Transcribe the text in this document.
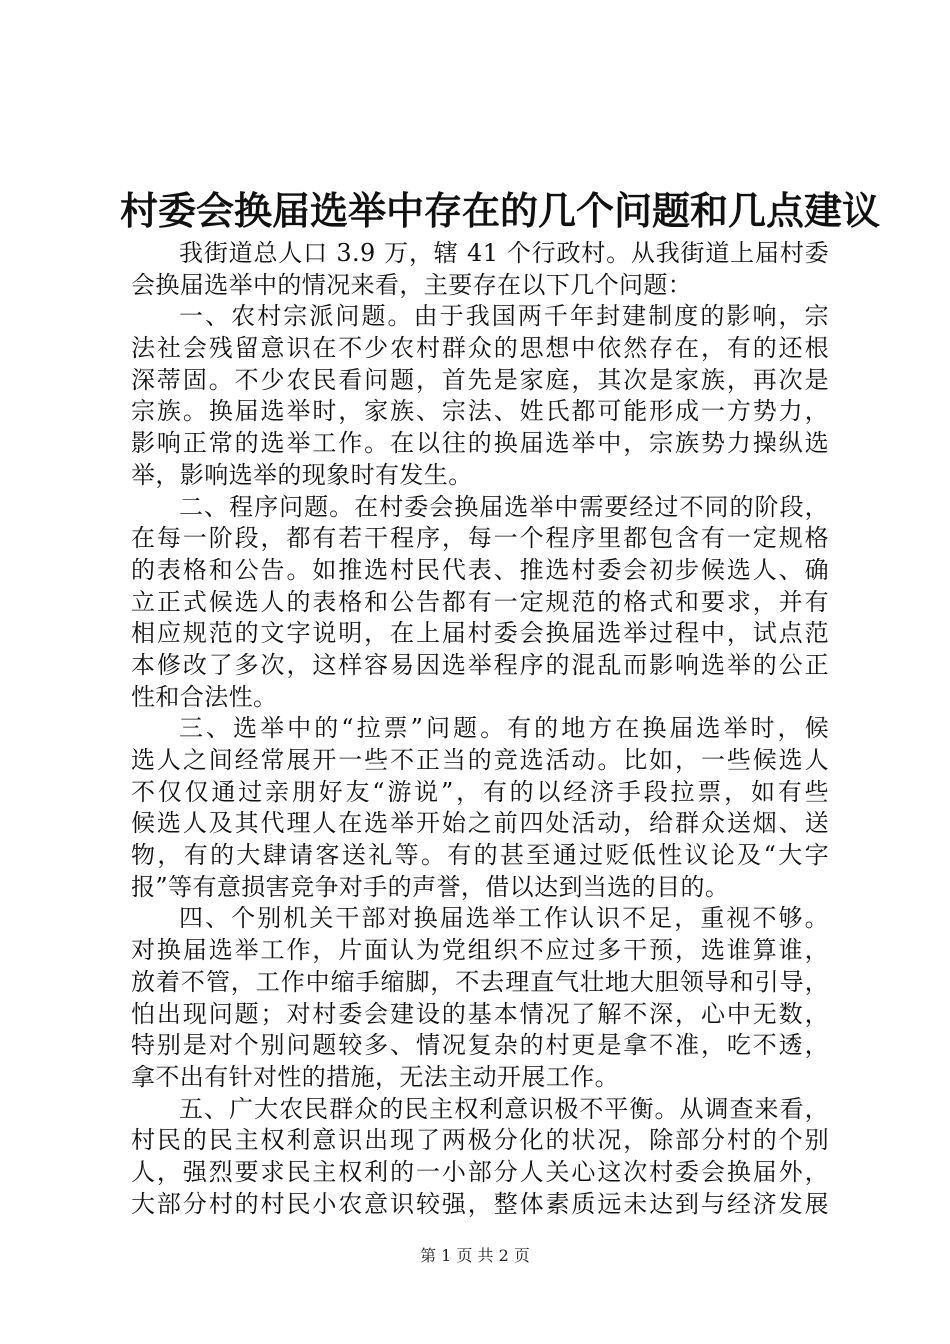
村委会换届选举中存在的几个问题和几点建议
我街道总人口 3.9 万，辖 41 个行政村。从我街道上届村委
会换届选举中的情况来看，主要存在以下几个问题：
一、农村宗派问题。由于我国两千年封建制度的影响，宗
法社会残留意识在不少农村群众的思想中依然存在，有的还根
深蒂固。不少农民看问题，首先是家庭，其次是家族，再次是
宗族。换届选举时，家族、宗法、姓氏都可能形成一方势力，
影响正常的选举工作。在以往的换届选举中，宗族势力操纵选
举，影响选举的现象时有发生。
二、程序问题。在村委会换届选举中需要经过不同的阶段，
在每一阶段，都有若干程序，每一个程序里都包含有一定规格
的表格和公告。如推选村民代表、推选村委会初步候选人、确
立正式候选人的表格和公告都有一定规范的格式和要求，并有
相应规范的文字说明，在上届村委会换届选举过程中，试点范
本修改了多次，这样容易因选举程序的混乱而影响选举的公正
性和合法性。
三、选举中的“拉票”问题。有的地方在换届选举时，候
选人之间经常展开一些不正当的竞选活动。比如，一些候选人
不仅仅通过亲朋好友“游说”，有的以经济手段拉票，如有些
候选人及其代理人在选举开始之前四处活动，给群众送烟、送
物，有的大肆请客送礼等。有的甚至通过贬低性议论及“大字
报”等有意损害竞争对手的声誉，借以达到当选的目的。
四、个别机关干部对换届选举工作认识不足，重视不够。
对换届选举工作，片面认为党组织不应过多干预，选谁算谁，
放着不管，工作中缩手缩脚，不去理直气壮地大胆领导和引导，
怕出现问题；对村委会建设的基本情况了解不深，心中无数，
特别是对个别问题较多、情况复杂的村更是拿不准，吃不透，
拿不出有针对性的措施，无法主动开展工作。
五、广大农民群众的民主权利意识极不平衡。从调查来看，
村民的民主权利意识出现了两极分化的状况，除部分村的个别
人，强烈要求民主权利的一小部分人关心这次村委会换届外，
大部分村的村民小农意识较强，整体素质远未达到与经济发展
第 1 页 共 2 页
